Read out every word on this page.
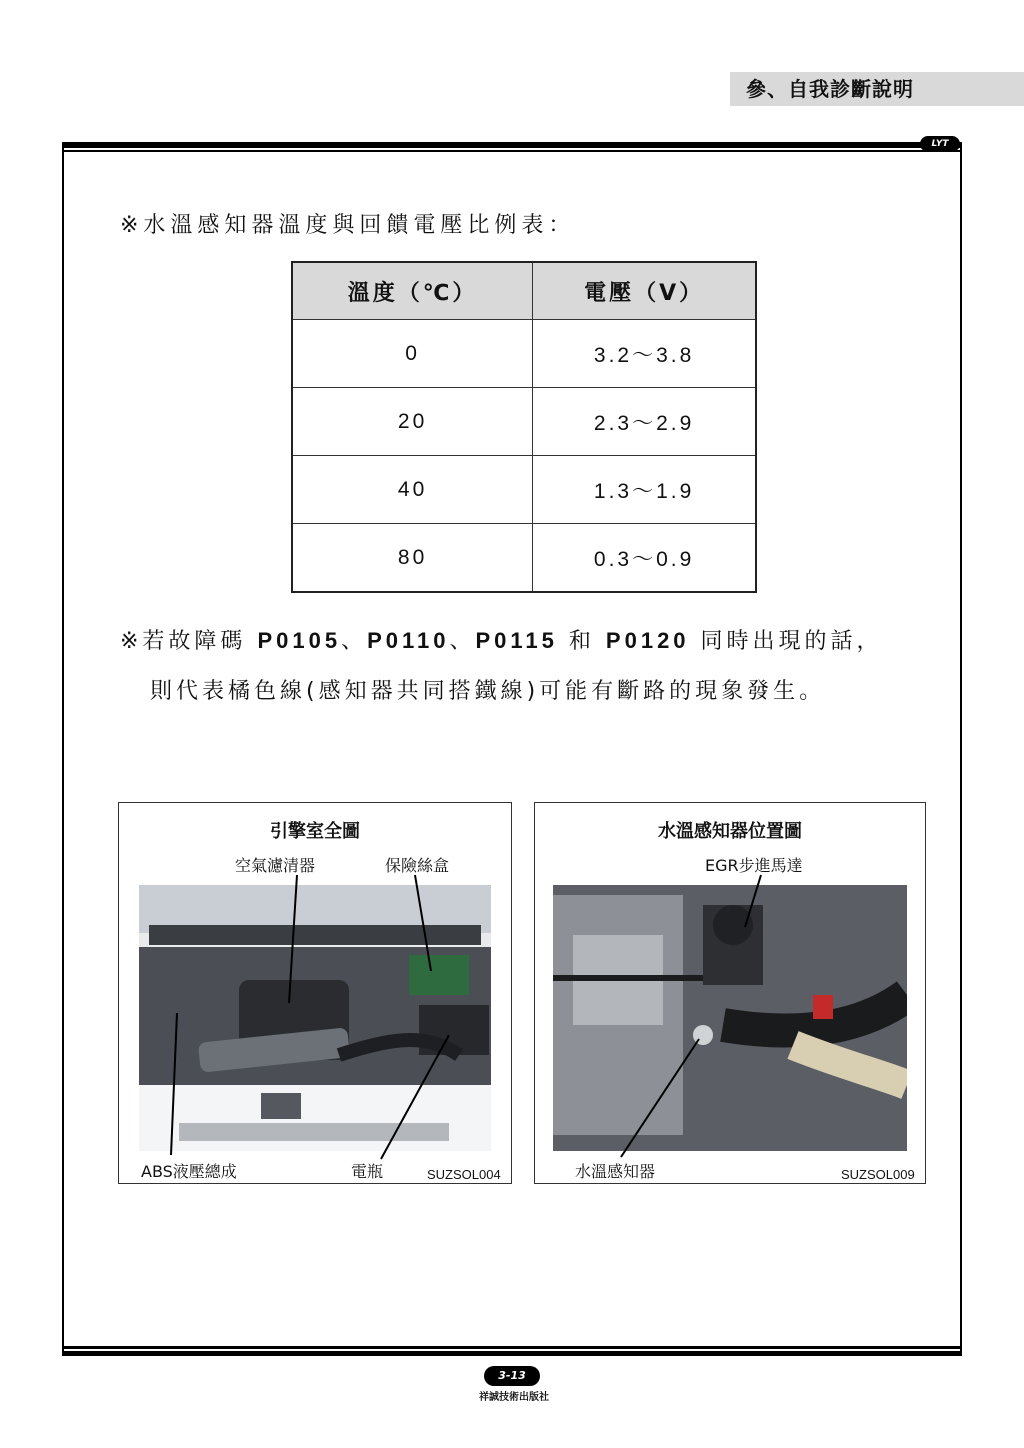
參、自我診斷說明
LYT
※水溫感知器溫度與回饋電壓比例表：
溫度（℃）	電壓（V）
0	3.2～3.8
20	2.3～2.9
40	1.3～1.9
80	0.3～0.9
※若故障碼 P0105、P0110、P0115 和 P0120 同時出現的話，
則代表橘色線(感知器共同搭鐵線)可能有斷路的現象發生。
引擎室全圖
空氣濾清器	保險絲盒
ABS液壓總成	電瓶	SUZSOL004
水溫感知器位置圖
EGR步進馬達
水溫感知器	SUZSOL009
3-13
祥誠技術出版社
